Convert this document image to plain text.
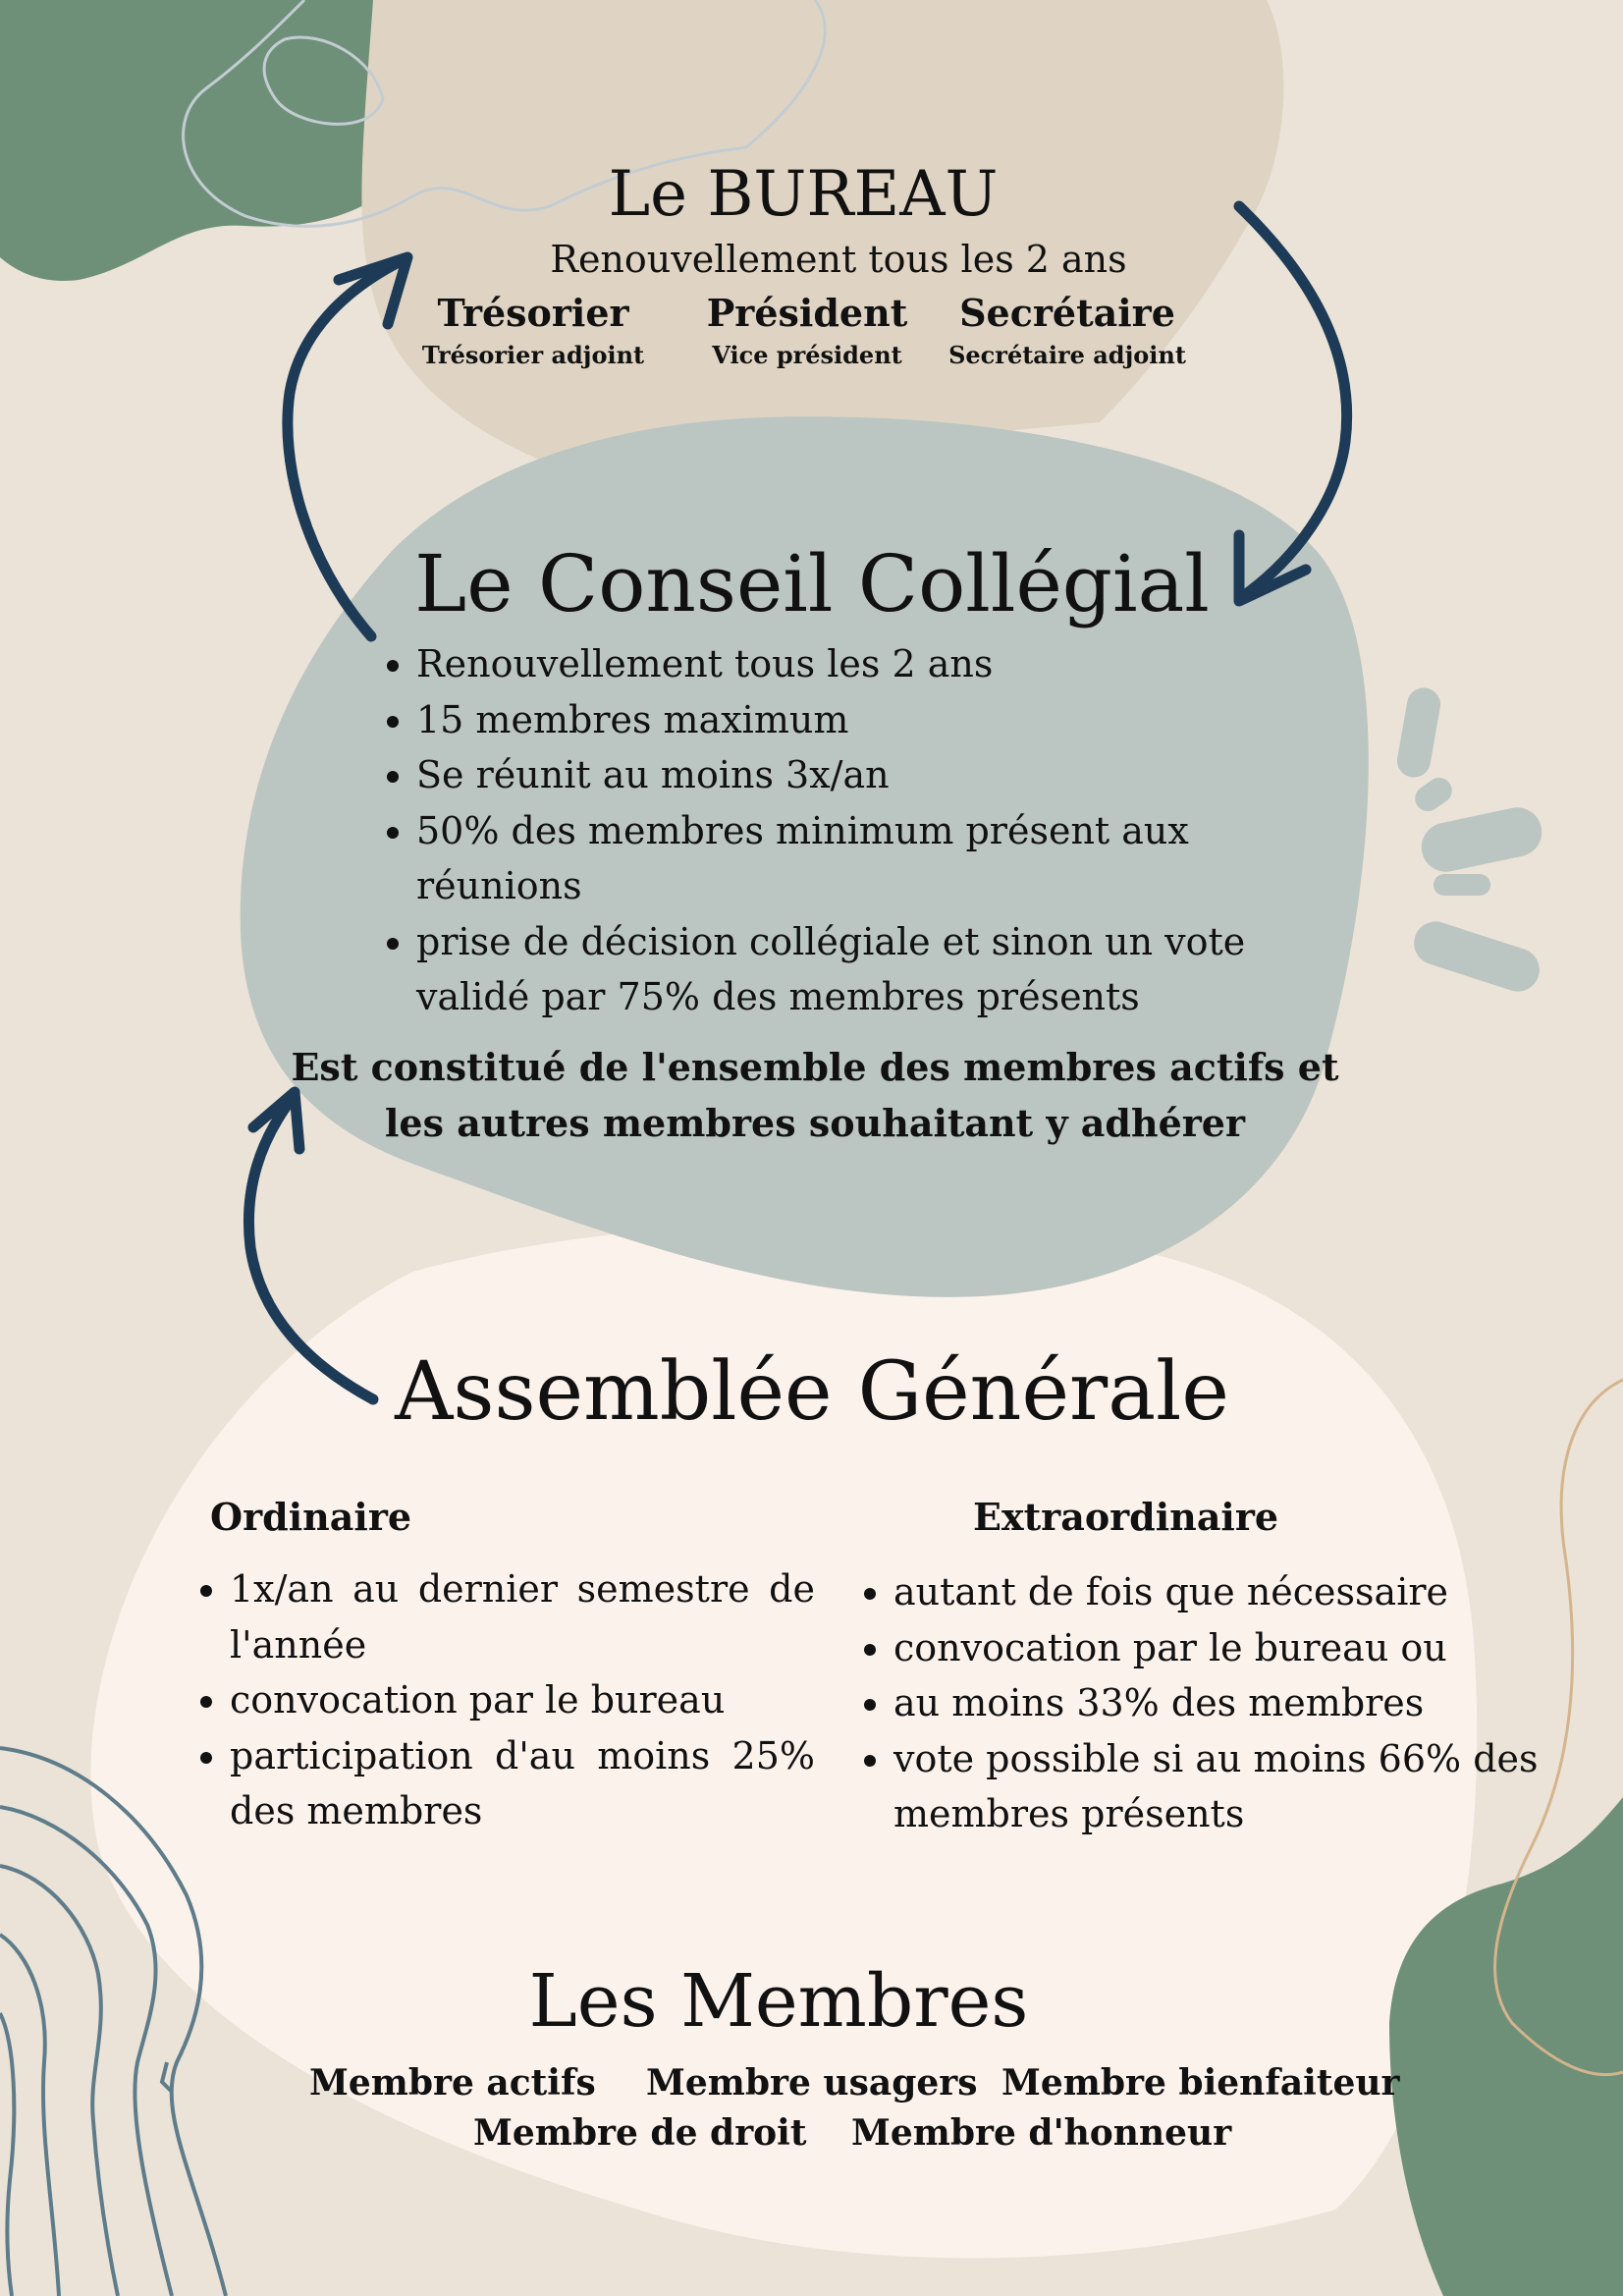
Le BUREAU

Renouvellement tous les 2 ans

Trésorier
Trésorier adjoint
Président
Vice président
Secrétaire
Secrétaire adjoint
Le Conseil Collégial
• Renouvellement tous les 2 ans
• 15 membres maximum
• Se réunit au moins 3x/an
• 50% des membres minimum présent aux réunions
• prise de décision collégiale et sinon un vote validé par 75% des membres présents

Est constitué de l'ensemble des membres actifs et les autres membres souhaitant y adhérer

Assemblée Générale
Ordinaire
• 1x/an au dernier semestre de l'année
• convocation par le bureau
• participation d'au moins 25% des membres
Extraordinaire
• autant de fois que nécessaire
• convocation par le bureau ou
• au moins 33% des membres
• vote possible si au moins 66% des membres présents
Les Membres
Membre actifs Membre usagers Membre bienfaiteur
Membre de droit Membre d'honneur
